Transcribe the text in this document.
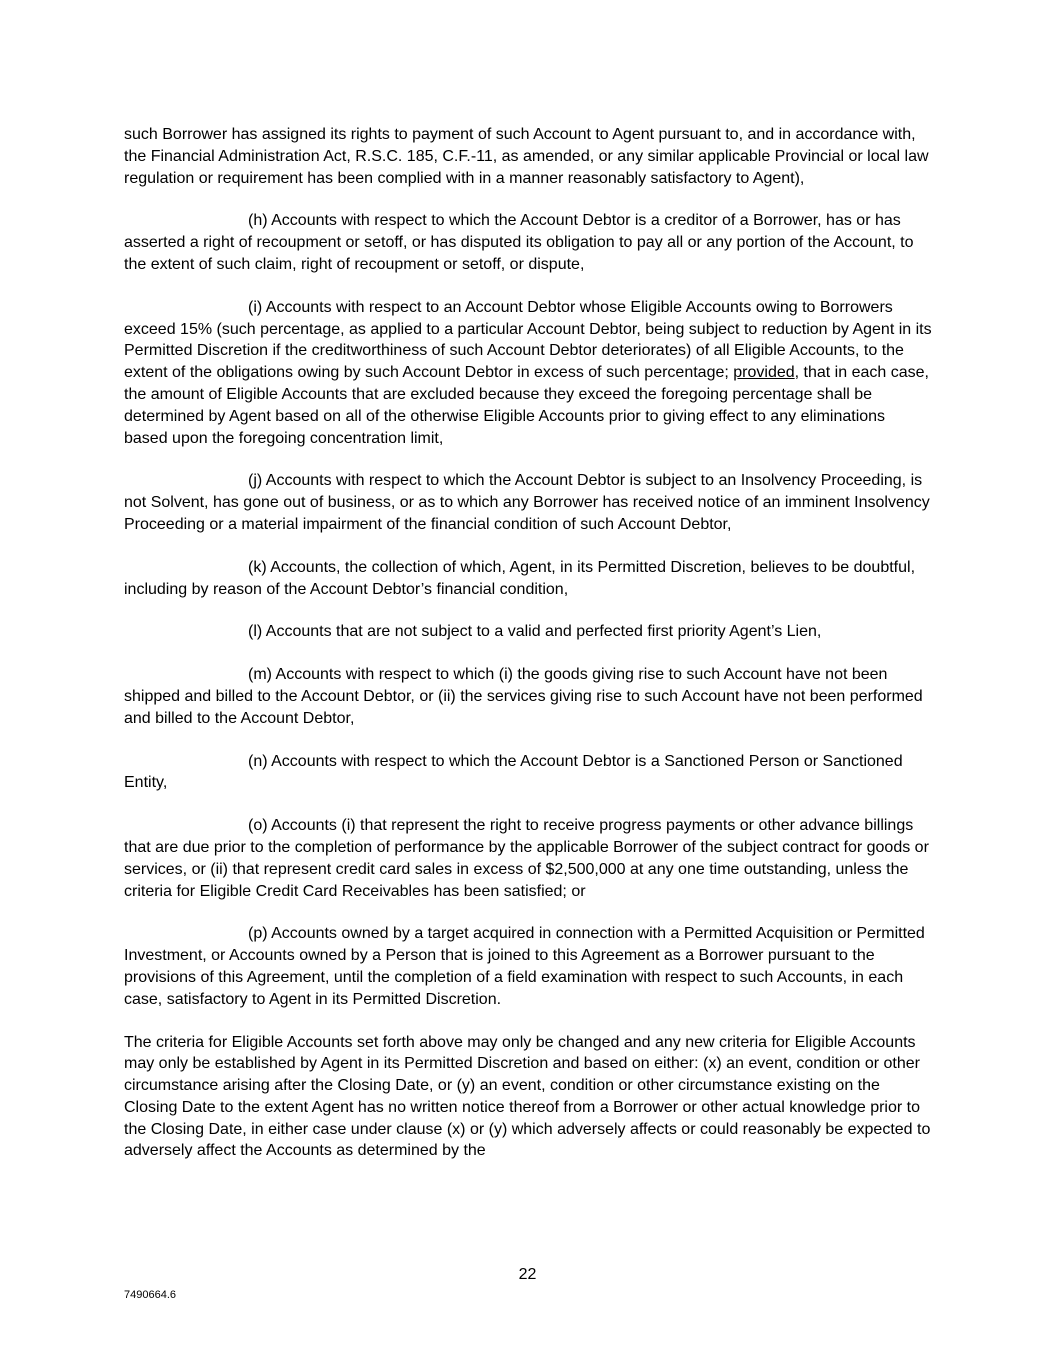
such Borrower has assigned its rights to payment of such Account to Agent pursuant to, and in accordance with, the Financial Administration Act, R.S.C. 185, C.F.-11, as amended, or any similar applicable Provincial or local law regulation or requirement has been complied with in a manner reasonably satisfactory to Agent),

(h) Accounts with respect to which the Account Debtor is a creditor of a Borrower, has or has asserted a right of recoupment or setoff, or has disputed its obligation to pay all or any portion of the Account, to the extent of such claim, right of recoupment or setoff, or dispute,

(i) Accounts with respect to an Account Debtor whose Eligible Accounts owing to Borrowers exceed 15% (such percentage, as applied to a particular Account Debtor, being subject to reduction by Agent in its Permitted Discretion if the creditworthiness of such Account Debtor deteriorates) of all Eligible Accounts, to the extent of the obligations owing by such Account Debtor in excess of such percentage; provided, that in each case, the amount of Eligible Accounts that are excluded because they exceed the foregoing percentage shall be determined by Agent based on all of the otherwise Eligible Accounts prior to giving effect to any eliminations based upon the foregoing concentration limit,

(j) Accounts with respect to which the Account Debtor is subject to an Insolvency Proceeding, is not Solvent, has gone out of business, or as to which any Borrower has received notice of an imminent Insolvency Proceeding or a material impairment of the financial condition of such Account Debtor,

(k) Accounts, the collection of which, Agent, in its Permitted Discretion, believes to be doubtful, including by reason of the Account Debtor’s financial condition,

(l) Accounts that are not subject to a valid and perfected first priority Agent’s Lien,

(m) Accounts with respect to which (i) the goods giving rise to such Account have not been shipped and billed to the Account Debtor, or (ii) the services giving rise to such Account have not been performed and billed to the Account Debtor,

(n) Accounts with respect to which the Account Debtor is a Sanctioned Person or Sanctioned Entity,

(o) Accounts (i) that represent the right to receive progress payments or other advance billings that are due prior to the completion of performance by the applicable Borrower of the subject contract for goods or services, or (ii) that represent credit card sales in excess of $2,500,000 at any one time outstanding, unless the criteria for Eligible Credit Card Receivables has been satisfied; or

(p) Accounts owned by a target acquired in connection with a Permitted Acquisition or Permitted Investment, or Accounts owned by a Person that is joined to this Agreement as a Borrower pursuant to the provisions of this Agreement, until the completion of a field examination with respect to such Accounts, in each case, satisfactory to Agent in its Permitted Discretion.

The criteria for Eligible Accounts set forth above may only be changed and any new criteria for Eligible Accounts may only be established by Agent in its Permitted Discretion and based on either: (x) an event, condition or other circumstance arising after the Closing Date, or (y) an event, condition or other circumstance existing on the Closing Date to the extent Agent has no written notice thereof from a Borrower or other actual knowledge prior to the Closing Date, in either case under clause (x) or (y) which adversely affects or could reasonably be expected to adversely affect the Accounts as determined by the

22
7490664.6
